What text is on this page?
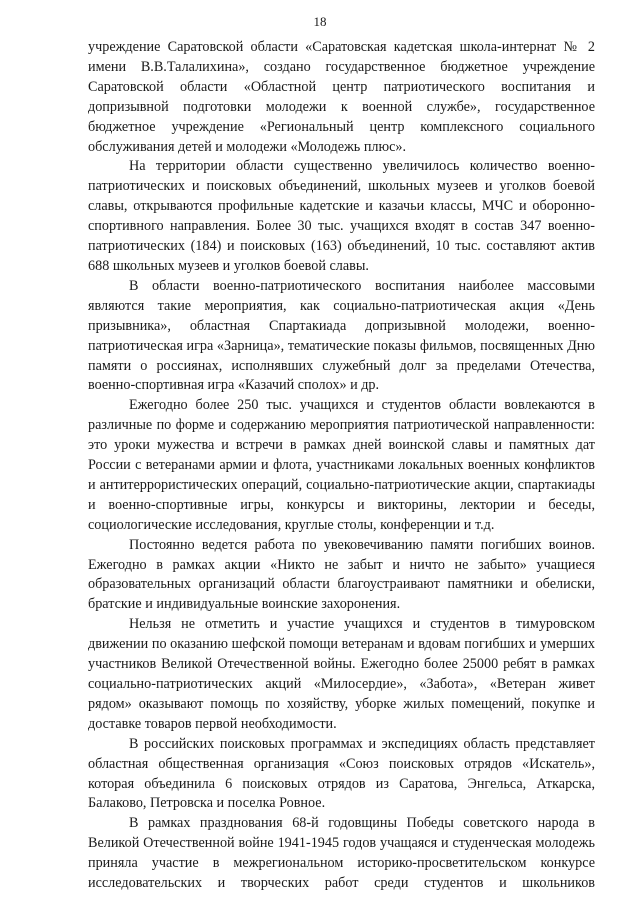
18

учреждение Саратовской области «Саратовская кадетская школа-интернат № 2 имени В.В.Талалихина», создано государственное бюджетное учреждение Саратовской области «Областной центр патриотического воспитания и допризывной подготовки молодежи к военной службе», государственное бюджетное учреждение «Региональный центр комплексного социального обслуживания детей и молодежи «Молодежь плюс».

На территории области существенно увеличилось количество военно-патриотических и поисковых объединений, школьных музеев и уголков боевой славы, открываются профильные кадетские и казачьи классы, МЧС и оборонно-спортивного направления. Более 30 тыс. учащихся входят в состав 347 военно-патриотических (184) и поисковых (163) объединений, 10 тыс. составляют актив 688 школьных музеев и уголков боевой славы.

В области военно-патриотического воспитания наиболее массовыми являются такие мероприятия, как социально-патриотическая акция «День призывника», областная Спартакиада допризывной молодежи, военно-патриотическая игра «Зарница», тематические показы фильмов, посвященных Дню памяти о россиянах, исполнявших служебный долг за пределами Отечества, военно-спортивная игра «Казачий сполох» и др.

Ежегодно более 250 тыс. учащихся и студентов области вовлекаются в различные по форме и содержанию мероприятия патриотической направленности: это уроки мужества и встречи в рамках дней воинской славы и памятных дат России с ветеранами армии и флота, участниками локальных военных конфликтов и антитеррористических операций, социально-патриотические акции, спартакиады и военно-спортивные игры, конкурсы и викторины, лектории и беседы, социологические исследования, круглые столы, конференции и т.д.

Постоянно ведется работа по увековечиванию памяти погибших воинов. Ежегодно в рамках акции «Никто не забыт и ничто не забыто» учащиеся образовательных организаций области благоустраивают памятники и обелиски, братские и индивидуальные воинские захоронения.

Нельзя не отметить и участие учащихся и студентов в тимуровском движении по оказанию шефской помощи ветеранам и вдовам погибших и умерших участников Великой Отечественной войны. Ежегодно более 25000 ребят в рамках социально-патриотических акций «Милосердие», «Забота», «Ветеран живет рядом» оказывают помощь по хозяйству, уборке жилых помещений, покупке и доставке товаров первой необходимости.

В российских поисковых программах и экспедициях область представляет областная общественная организация «Союз поисковых отрядов «Искатель», которая объединила 6 поисковых отрядов из Саратова, Энгельса, Аткарска, Балаково, Петровска и поселка Ровное.

В рамках празднования 68-й годовщины Победы советского народа в Великой Отечественной войне 1941-1945 годов учащаяся и студенческая молодежь приняла участие в межрегиональном историко-просветительском конкурсе исследовательских и творческих работ среди студентов и школьников
